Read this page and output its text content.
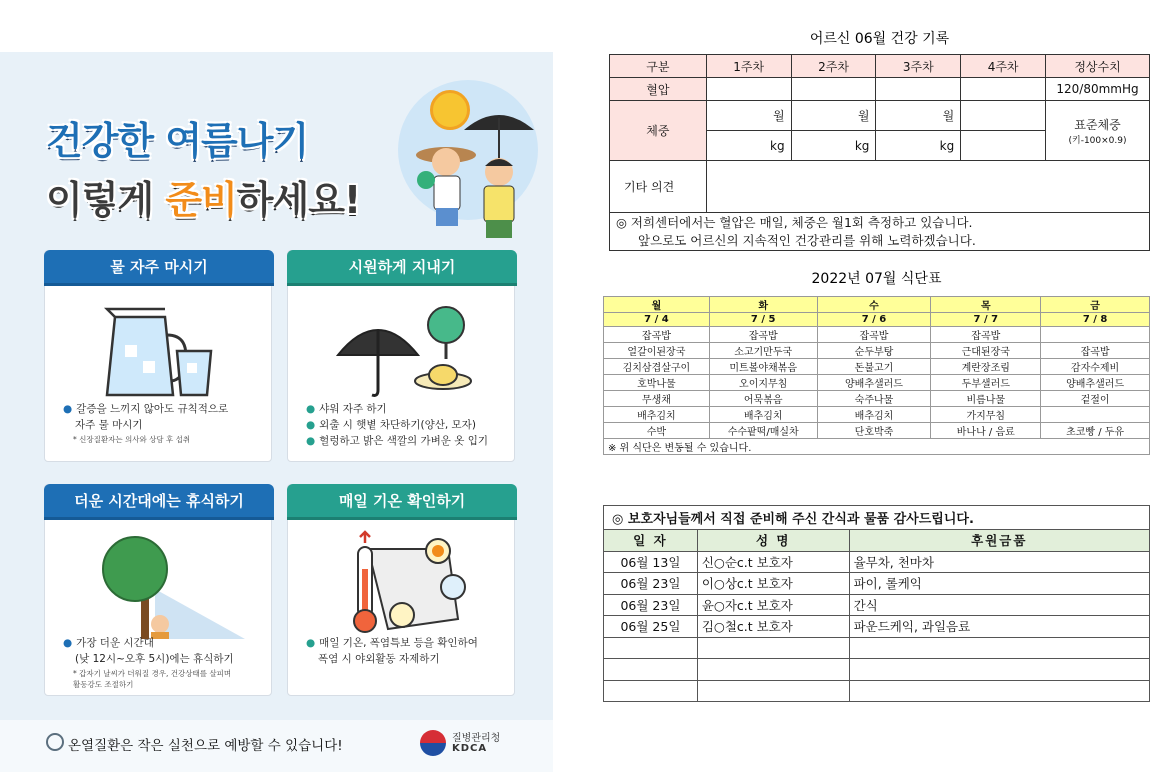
건강한 여름나기
이렇게 준비하세요!
물 자주 마시기
● 갈증을 느끼지 않아도 규칙적으로
자주 물 마시기
* 신장질환자는 의사와 상담 후 섭취
시원하게 지내기
● 샤워 자주 하기
● 외출 시 햇볕 차단하기(양산, 모자)
● 헐렁하고 밝은 색깔의 가벼운 옷 입기
더운 시간대에는 휴식하기
● 가장 더운 시간대
(낮 12시~오후 5시)에는 휴식하기
* 갑자기 날씨가 더워질 경우, 건강상태를 살피며
활동강도 조절하기
매일 기온 확인하기
● 매일 기온, 폭염특보 등을 확인하여
폭염 시 야외활동 자제하기
온열질환은 작은 실천으로 예방할 수 있습니다!	질병관리청
KDCA
어르신 06월 건강 기록
구분	1주차	2주차	3주차	4주차	정상수치
혈압					120/80mmHg
체중	월	월	월		표준체중
(키-100×0.9)

	kg	kg	kg		
기타 의견					

◎ 저희센터에서는 혈압은 매일, 체중은 월1회 측정하고 있습니다.
앞으로도 어르신의 지속적인 건강관리를 위해 노력하겠습니다.					
2022년 07월 식단표
월	화	수	목	금
7 / 4	7 / 5	7 / 6	7 / 7	7 / 8
잡곡밥	잡곡밥	잡곡밥	잡곡밥	
얼갈이된장국	소고기만두국	순두부탕	근대된장국	잡곡밥
김치삼겹살구이	미트볼야채볶음	돈불고기	계란장조림	감자수제비
호박나물	오이지무침	양배추샐러드	두부샐러드	양배추샐러드
무생채	어묵볶음	숙주나물	비름나물	겉절이
배추김치	배추김치	배추김치	가지무침	
수박	수수팥떡/매실차	단호박죽	바나나 / 음료	초코빵 / 두유
※ 위 식단은 변동될 수 있습니다.				
◎ 보호자님들께서 직접 준비해 주신 간식과 물품 감사드립니다.		
일 자	성 명	후원금품
06월 13일	신○순c.t 보호자	율무차, 천마차
06월 23일	이○상c.t 보호자	파이, 롤케익
06월 23일	윤○자c.t 보호자	간식
06월 25일	김○철c.t 보호자	파운드케익, 과일음료
